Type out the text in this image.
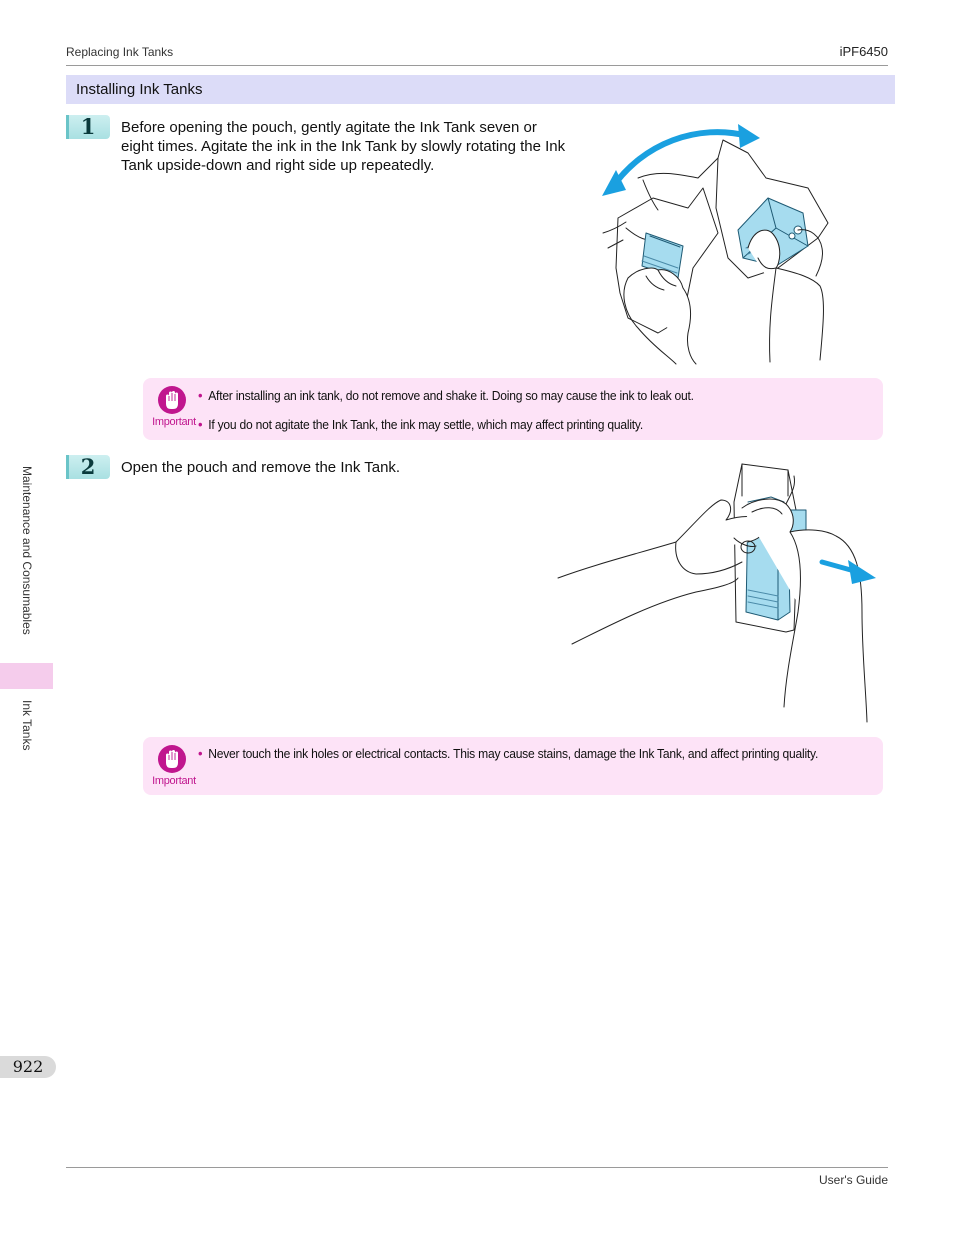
Replacing Ink Tanks	iPF6450
Installing Ink Tanks
1	Before opening the pouch, gently agitate the Ink Tank seven or
eight times. Agitate the ink in the Ink Tank by slowly rotating the Ink
Tank upside-down and right side up repeatedly.
Important
• After installing an ink tank, do not remove and shake it. Doing so may cause the ink to leak out.
• If you do not agitate the Ink Tank, the ink may settle, which may affect printing quality.
2	Open the pouch and remove the Ink Tank.
Important
• Never touch the ink holes or electrical contacts. This may cause stains, damage the Ink Tank, and affect printing quality.
Maintenance and Consumables
Ink Tanks
922
User's Guide
